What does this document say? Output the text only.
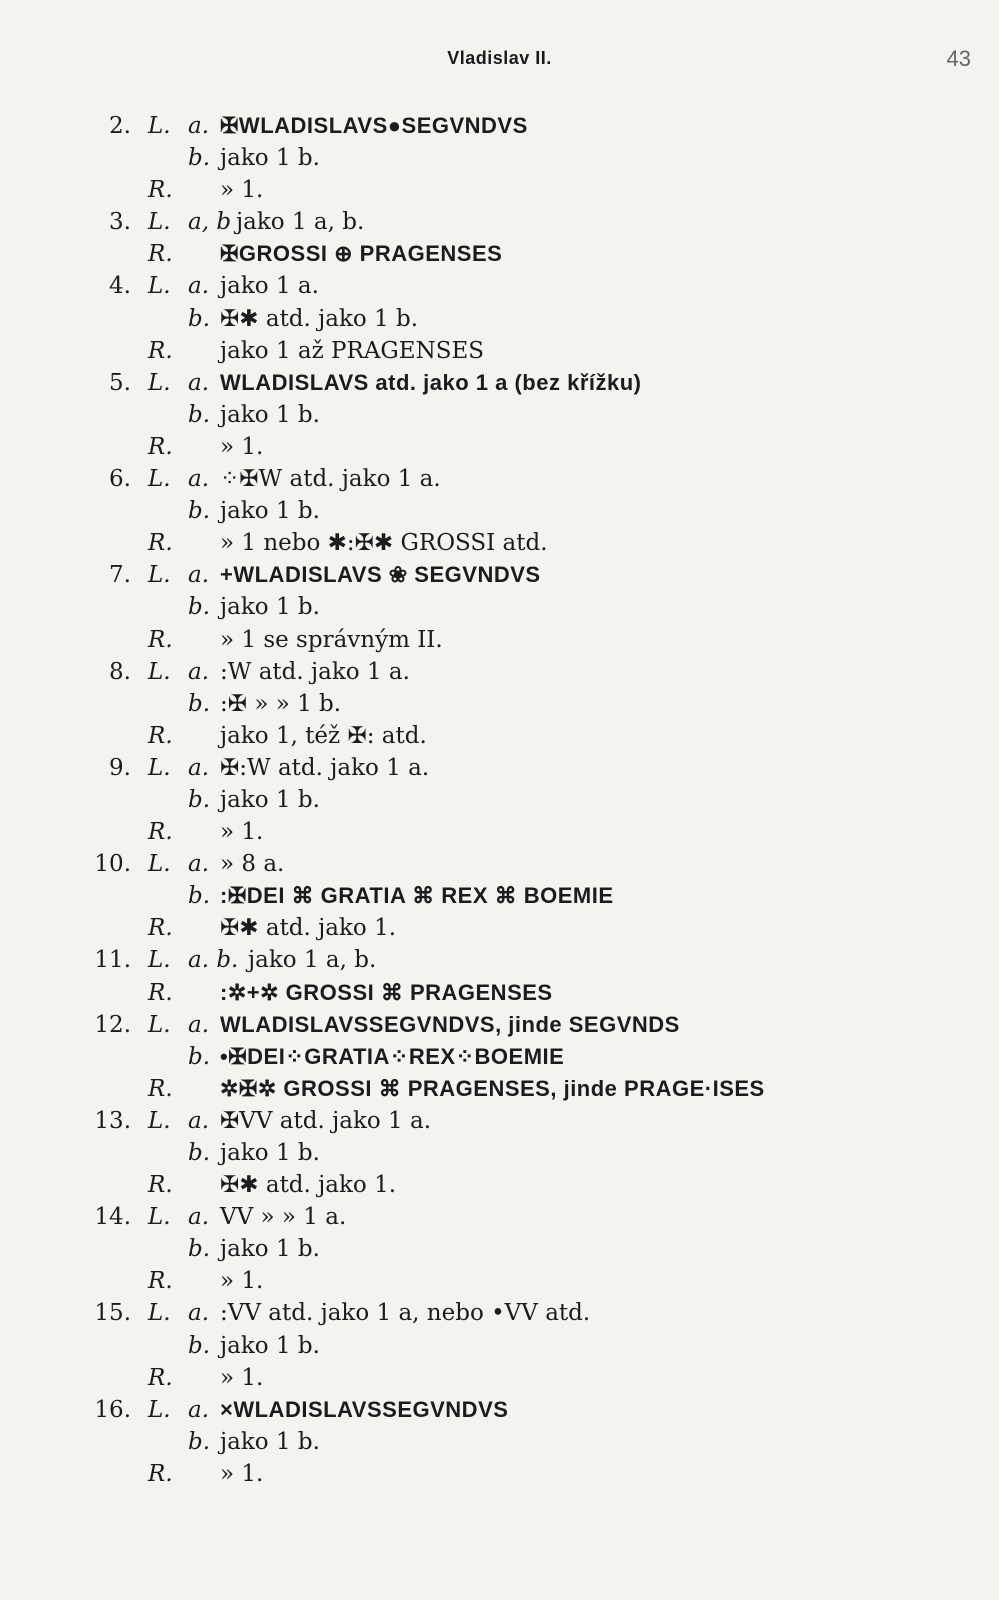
Vladislav II.	43
2. L. a. ✠WLADISLAVS●SEGVNDVS
b. jako 1 b.
R. » 1.
3. L. a, b jako 1 a, b.
R. ✠GROSSI ⊕ PRAGENSES
4. L. a. jako 1 a.
b. ✠✱ atd. jako 1 b.
R. jako 1 až PRAGENSES
5. L. a. WLADISLAVS atd. jako 1 a (bez křížku)
b. jako 1 b.
R. » 1.
6. L. a. ⁘✠W atd. jako 1 a.
b. jako 1 b.
R. » 1 nebo ✱:✠✱ GROSSI atd.
7. L. a. +WLADISLAVS ❀ SEGVNDVS
b. jako 1 b.
R. » 1 se správným II.
8. L. a. :W atd. jako 1 a.
b. :✠ » » 1 b.
R. jako 1, též ✠: atd.
9. L. a. ✠:W atd. jako 1 a.
b. jako 1 b.
R. » 1.
10. L. a. » 8 a.
b. :✠DEI ⌘ GRATIA ⌘ REX ⌘ BOEMIE
R. ✠✱ atd. jako 1.
11. L. a. b. jako 1 a, b.
R. :✲+✲ GROSSI ⌘ PRAGENSES
12. L. a. WLADISLAVSSEGVNDVS, jinde SEGVNDS
b. •✠DEI⁘GRATIA⁘REX⁘BOEMIE
R. ✲✠✲ GROSSI ⌘ PRAGENSES, jinde PRAGE·ISES
13. L. a. ✠VV atd. jako 1 a.
b. jako 1 b.
R. ✠✱ atd. jako 1.
14. L. a. VV » » 1 a.
b. jako 1 b.
R. » 1.
15. L. a. :VV atd. jako 1 a, nebo •VV atd.
b. jako 1 b.
R. » 1.
16. L. a. ×WLADISLAVSSEGVNDVS
b. jako 1 b.
R. » 1.
